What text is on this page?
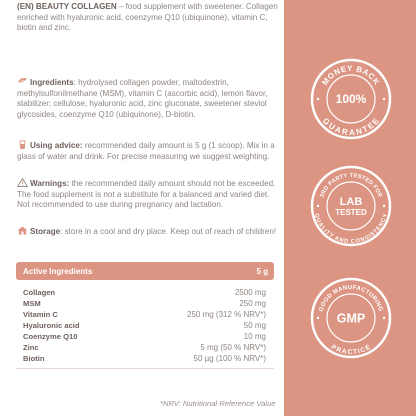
(EN) BEAUTY COLLAGEN – food supplement with sweetener. Collagen enriched with hyaluronic acid, coenzyme Q10 (ubiquinone), vitamin C, biotin and zinc.
Ingredients: hydrolysed collagen powder, maltodextrin, methylsulfonilmethane (MSM), vitamin C (ascorbic acid), lemon flavor, stabilizer: cellulose, hyaluronic acid, zinc gluconate, sweetener steviol glycosides, coenzyme Q10 (ubiquinone), D-biotin.
Using advice: recommended daily amount is 5 g (1 scoop). Mix in a glass of water and drink. For precise measuring we suggest weighting.
Warnings: the recommended daily amount should not be exceeded. The food supplement is not a substitute for a balanced and varied diet. Not recommended to use during pregnancy and lactation.
Storage: store in a cool and dry place. Keep out of reach of children!
Active Ingredients	5 g
Collagen	2500 mg
MSM	250 mg
Vitamin C	250 mg (312 % NRV*)
Hyaluronic acid	50 mg
Coenzyme Q10	10 mg
Zinc	5 mg (50 % NRV*)
Biotin	50 µg (100 % NRV*)
*NRV: Nutritional Reference Value
MONEY BACK
GUARANTEE
100%
3RD PARTY TESTED FOR
QUALITY AND CONSISTENCY
LAB
TESTED
GOOD MANUFACTURING
PRACTICE
GMP
